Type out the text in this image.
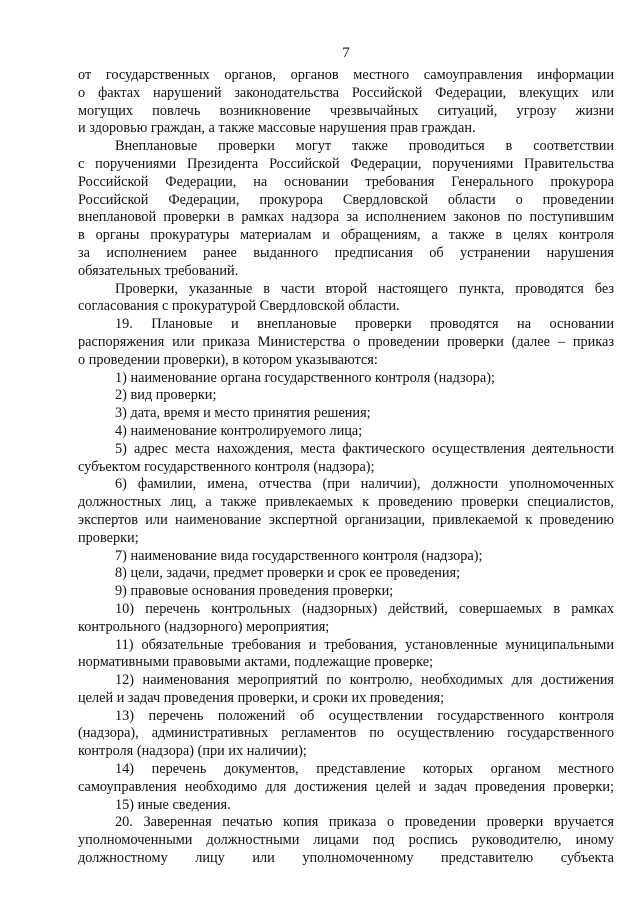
7
от государственных органов, органов местного самоуправления информации
о фактах нарушений законодательства Российской Федерации, влекущих или
могущих повлечь возникновение чрезвычайных ситуаций, угрозу жизни
и здоровью граждан, а также массовые нарушения прав граждан.
Внеплановые проверки могут также проводиться в соответствии
с поручениями Президента Российской Федерации, поручениями Правительства
Российской Федерации, на основании требования Генерального прокурора
Российской Федерации, прокурора Свердловской области о проведении
внеплановой проверки в рамках надзора за исполнением законов по поступившим
в органы прокуратуры материалам и обращениям, а также в целях контроля
за исполнением ранее выданного предписания об устранении нарушения
обязательных требований.
Проверки, указанные в части второй настоящего пункта, проводятся без
согласования с прокуратурой Свердловской области.
19. Плановые и внеплановые проверки проводятся на основании
распоряжения или приказа Министерства о проведении проверки (далее – приказ
о проведении проверки), в котором указываются:
1) наименование органа государственного контроля (надзора);
2) вид проверки;
3) дата, время и место принятия решения;
4) наименование контролируемого лица;
5) адрес места нахождения, места фактического осуществления деятельности
субъектом государственного контроля (надзора);
6) фамилии, имена, отчества (при наличии), должности уполномоченных
должностных лиц, а также привлекаемых к проведению проверки специалистов,
экспертов или наименование экспертной организации, привлекаемой к проведению
проверки;
7) наименование вида государственного контроля (надзора);
8) цели, задачи, предмет проверки и срок ее проведения;
9) правовые основания проведения проверки;
10) перечень контрольных (надзорных) действий, совершаемых в рамках
контрольного (надзорного) мероприятия;
11) обязательные требования и требования, установленные муниципальными
нормативными правовыми актами, подлежащие проверке;
12) наименования мероприятий по контролю, необходимых для достижения
целей и задач проведения проверки, и сроки их проведения;
13) перечень положений об осуществлении государственного контроля
(надзора), административных регламентов по осуществлению государственного
контроля (надзора) (при их наличии);
14) перечень документов, представление которых органом местного
самоуправления необходимо для достижения целей и задач проведения проверки;
15) иные сведения.
20. Заверенная печатью копия приказа о проведении проверки вручается
уполномоченными должностными лицами под роспись руководителю, иному
должностному лицу или уполномоченному представителю субъекта
